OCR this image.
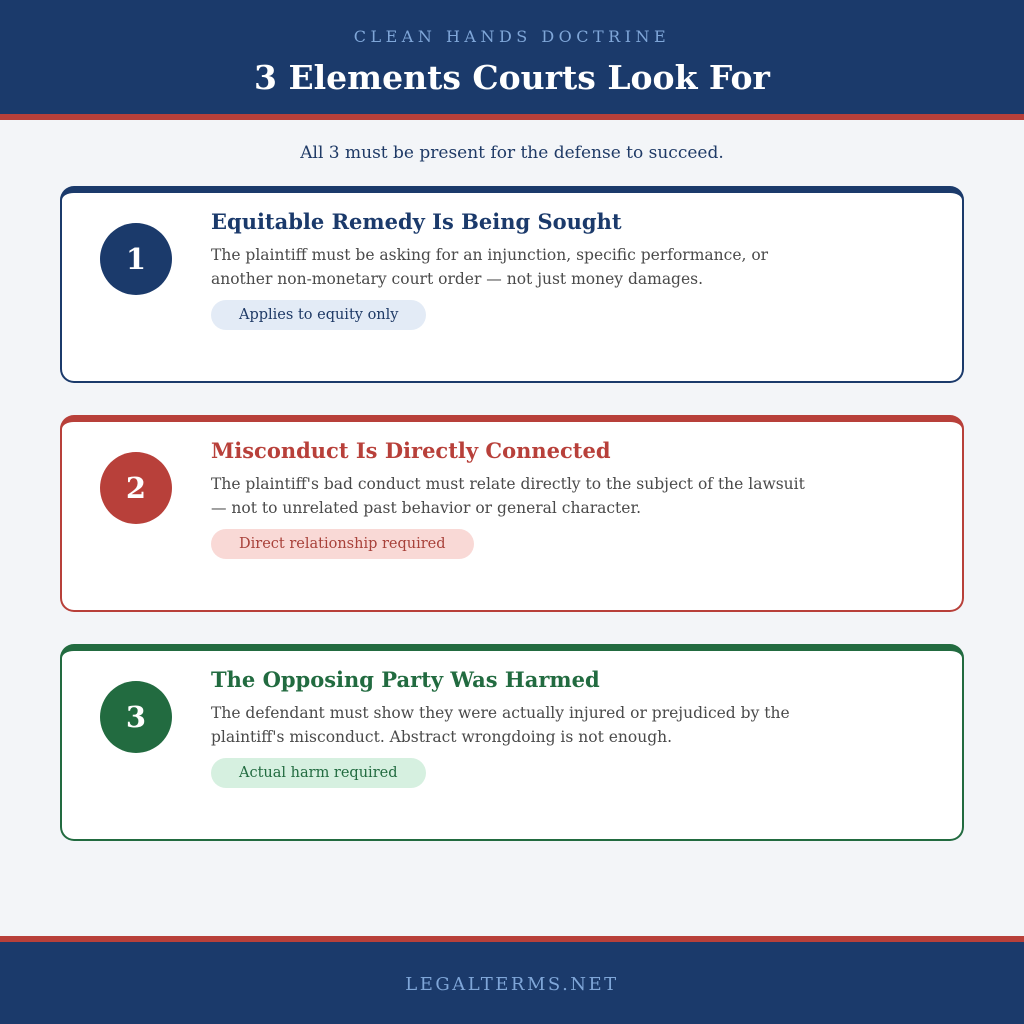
CLEAN HANDS DOCTRINE
3 Elements Courts Look For
All 3 must be present for the defense to succeed.
1
Equitable Remedy Is Being Sought
The plaintiff must be asking for an injunction, specific performance, or another non-monetary court order — not just money damages.
Applies to equity only
2
Misconduct Is Directly Connected
The plaintiff's bad conduct must relate directly to the subject of the lawsuit — not to unrelated past behavior or general character.
Direct relationship required
3
The Opposing Party Was Harmed
The defendant must show they were actually injured or prejudiced by the plaintiff's misconduct. Abstract wrongdoing is not enough.
Actual harm required
LEGALTERMS.NET
